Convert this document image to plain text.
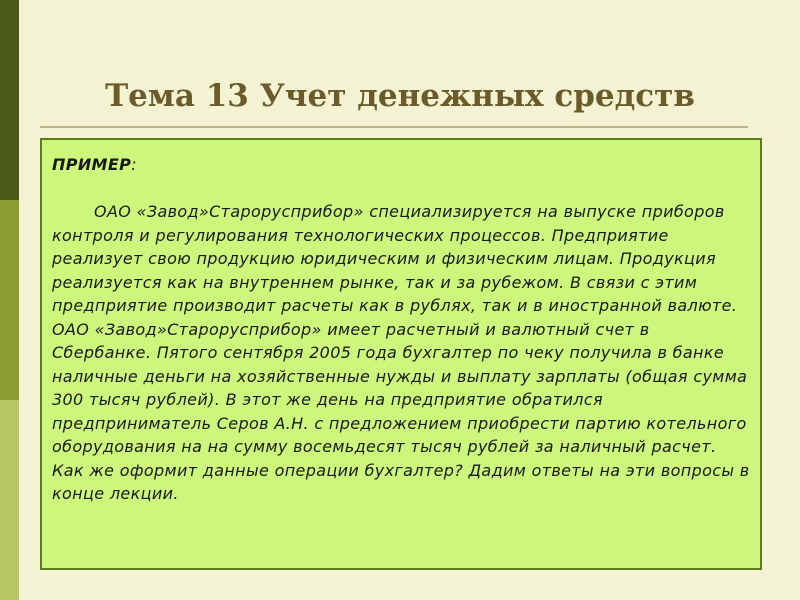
Тема 13 Учет денежных средств
ПРИМЕР:

ОАО «Завод»Старорусприбор» специализируется на выпуске приборов контроля и регулирования технологических процессов. Предприятие реализует свою продукцию юридическим и физическим лицам. Продукция реализуется как на внутреннем рынке, так и за рубежом. В связи с этим предприятие производит расчеты как в рублях, так и в иностранной валюте.

ОАО «Завод»Старорусприбор» имеет расчетный и валютный счет в Сбербанке. Пятого сентября 2005 года бухгалтер по чеку получила в банке наличные деньги на хозяйственные нужды и выплату зарплаты (общая сумма 300 тысяч рублей). В этот же день на предприятие обратился предприниматель Серов А.Н. с предложением приобрести партию котельного оборудования на на сумму восемьдесят тысяч рублей за наличный расчет.

Как же оформит данные операции бухгалтер? Дадим ответы на эти вопросы в конце лекции.
